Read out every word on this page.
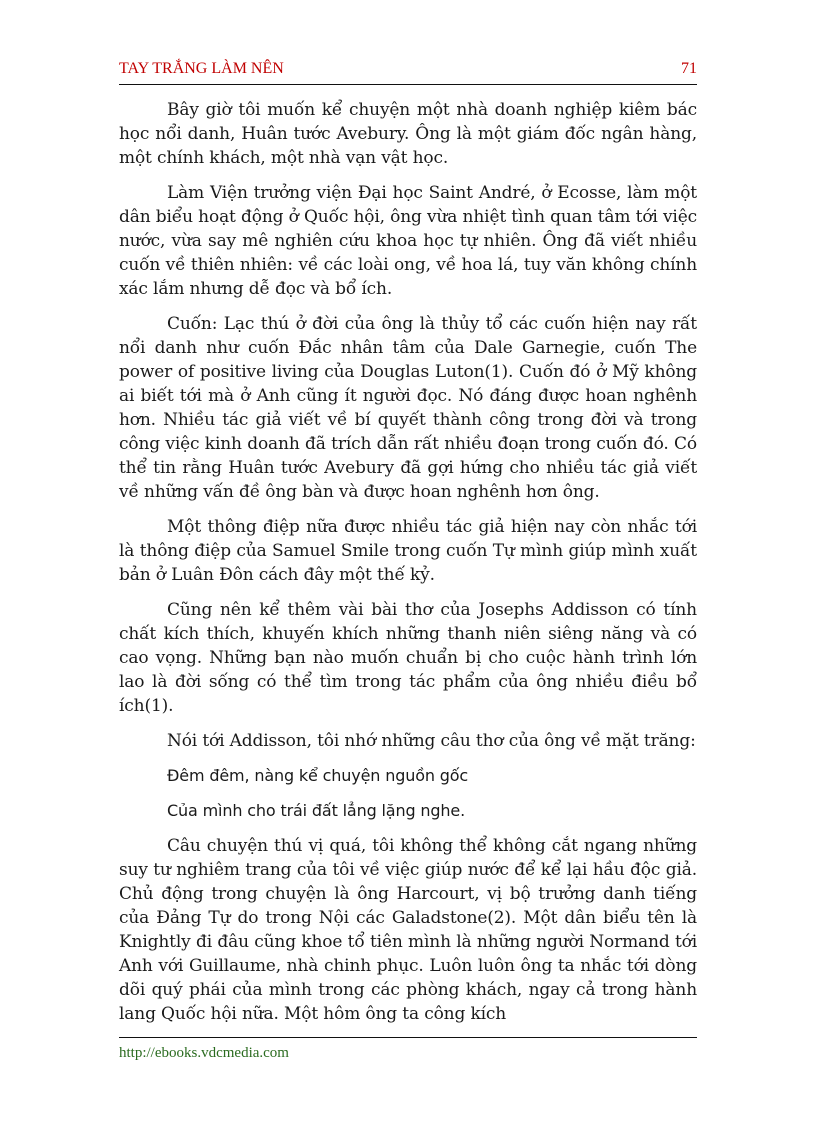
TAY TRẮNG LÀM NÊN	71

Bây giờ tôi muốn kể chuyện một nhà doanh nghiệp kiêm bác học nổi danh, Huân tước Avebury. Ông là một giám đốc ngân hàng, một chính khách, một nhà vạn vật học.

Làm Viện trưởng viện Đại học Saint André, ở Ecosse, làm một dân biểu hoạt động ở Quốc hội, ông vừa nhiệt tình quan tâm tới việc nước, vừa say mê nghiên cứu khoa học tự nhiên. Ông đã viết nhiều cuốn về thiên nhiên: về các loài ong, về hoa lá, tuy văn không chính xác lắm nhưng dễ đọc và bổ ích.

Cuốn: Lạc thú ở đời của ông là thủy tổ các cuốn hiện nay rất nổi danh như cuốn Đắc nhân tâm của Dale Garnegie, cuốn The power of positive living của Douglas Luton(1). Cuốn đó ở Mỹ không ai biết tới mà ở Anh cũng ít người đọc. Nó đáng được hoan nghênh hơn. Nhiều tác giả viết về bí quyết thành công trong đời và trong công việc kinh doanh đã trích dẫn rất nhiều đoạn trong cuốn đó. Có thể tin rằng Huân tước Avebury đã gợi hứng cho nhiều tác giả viết về những vấn đề ông bàn và được hoan nghênh hơn ông.

Một thông điệp nữa được nhiều tác giả hiện nay còn nhắc tới là thông điệp của Samuel Smile trong cuốn Tự mình giúp mình xuất bản ở Luân Đôn cách đây một thế kỷ.

Cũng nên kể thêm vài bài thơ của Josephs Addisson có tính chất kích thích, khuyến khích những thanh niên siêng năng và có cao vọng. Những bạn nào muốn chuẩn bị cho cuộc hành trình lớn lao là đời sống có thể tìm trong tác phẩm của ông nhiều điều bổ ích(1).

Nói tới Addisson, tôi nhớ những câu thơ của ông về mặt trăng:

Đêm đêm, nàng kể chuyện nguồn gốc

Của mình cho trái đất lẳng lặng nghe.

Câu chuyện thú vị quá, tôi không thể không cắt ngang những suy tư nghiêm trang của tôi về việc giúp nước để kể lại hầu độc giả. Chủ động trong chuyện là ông Harcourt, vị bộ trưởng danh tiếng của Đảng Tự do trong Nội các Galadstone(2). Một dân biểu tên là Knightly đi đâu cũng khoe tổ tiên mình là những người Normand tới Anh với Guillaume, nhà chinh phục. Luôn luôn ông ta nhắc tới dòng dõi quý phái của mình trong các phòng khách, ngay cả trong hành lang Quốc hội nữa. Một hôm ông ta công kích

http://ebooks.vdcmedia.com
